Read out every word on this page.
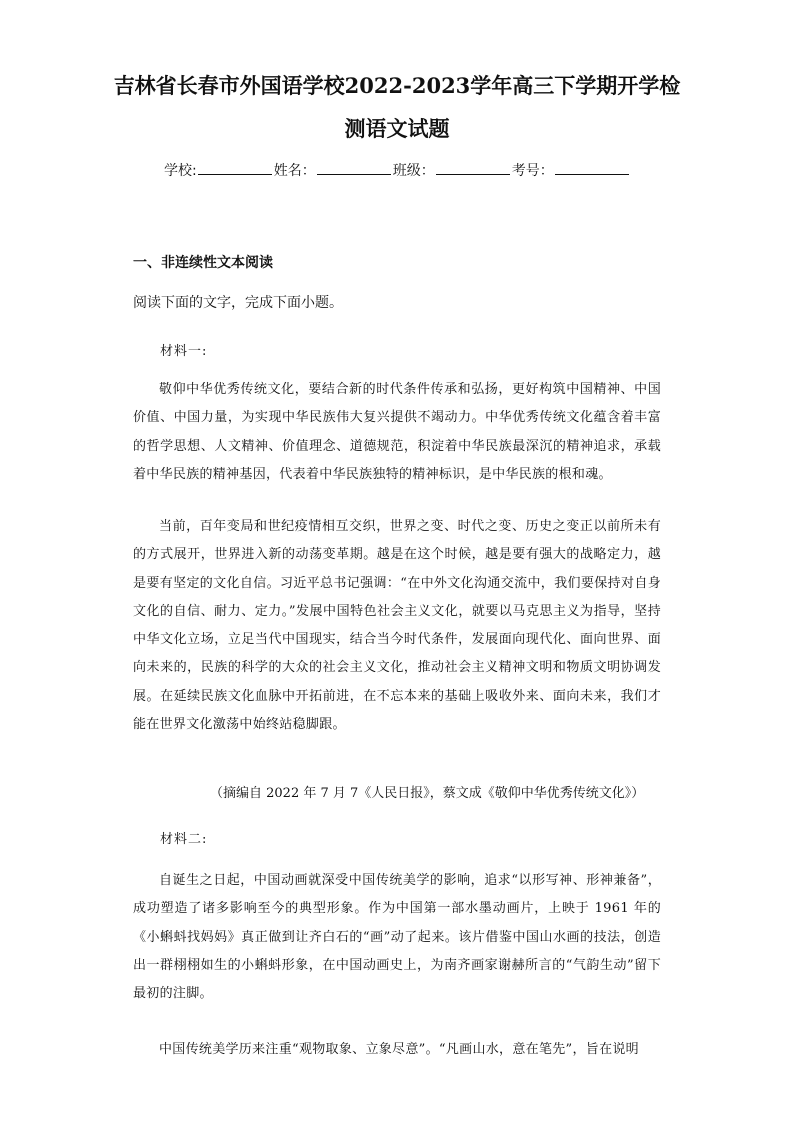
吉林省长春市外国语学校2022-2023学年高三下学期开学检
测语文试题
学校:	姓名：	班级：	考号：
一、非连续性文本阅读
阅读下面的文字，完成下面小题。
材料一:

敬仰中华优秀传统文化，要结合新的时代条件传承和弘扬，更好构筑中国精神、中国价值、中国力量，为实现中华民族伟大复兴提供不竭动力。中华优秀传统文化蕴含着丰富的哲学思想、人文精神、价值理念、道德规范，积淀着中华民族最深沉的精神追求，承载着中华民族的精神基因，代表着中华民族独特的精神标识，是中华民族的根和魂。

当前，百年变局和世纪疫情相互交织，世界之变、时代之变、历史之变正以前所未有的方式展开，世界进入新的动荡变革期。越是在这个时候，越是要有强大的战略定力，越是要有坚定的文化自信。习近平总书记强调：“在中外文化沟通交流中，我们要保持对自身文化的自信、耐力、定力。”发展中国特色社会主义文化，就要以马克思主义为指导，坚持中华文化立场，立足当代中国现实，结合当今时代条件，发展面向现代化、面向世界、面向未来的，民族的科学的大众的社会主义文化，推动社会主义精神文明和物质文明协调发展。在延续民族文化血脉中开拓前进，在不忘本来的基础上吸收外来、面向未来，我们才能在世界文化激荡中始终站稳脚跟。

（摘编自 2022 年 7 月 7《人民日报》，蔡文成《敬仰中华优秀传统文化》）
材料二:

自诞生之日起，中国动画就深受中国传统美学的影响，追求“以形写神、形神兼备”，成功塑造了诸多影响至今的典型形象。作为中国第一部水墨动画片，上映于 1961 年的《小蝌蚪找妈妈》真正做到让齐白石的“画”动了起来。该片借鉴中国山水画的技法，创造出一群栩栩如生的小蝌蚪形象，在中国动画史上，为南齐画家谢赫所言的“气韵生动”留下最初的注脚。

中国传统美学历来注重“观物取象、立象尽意”。“凡画山水，意在笔先”，旨在说明
